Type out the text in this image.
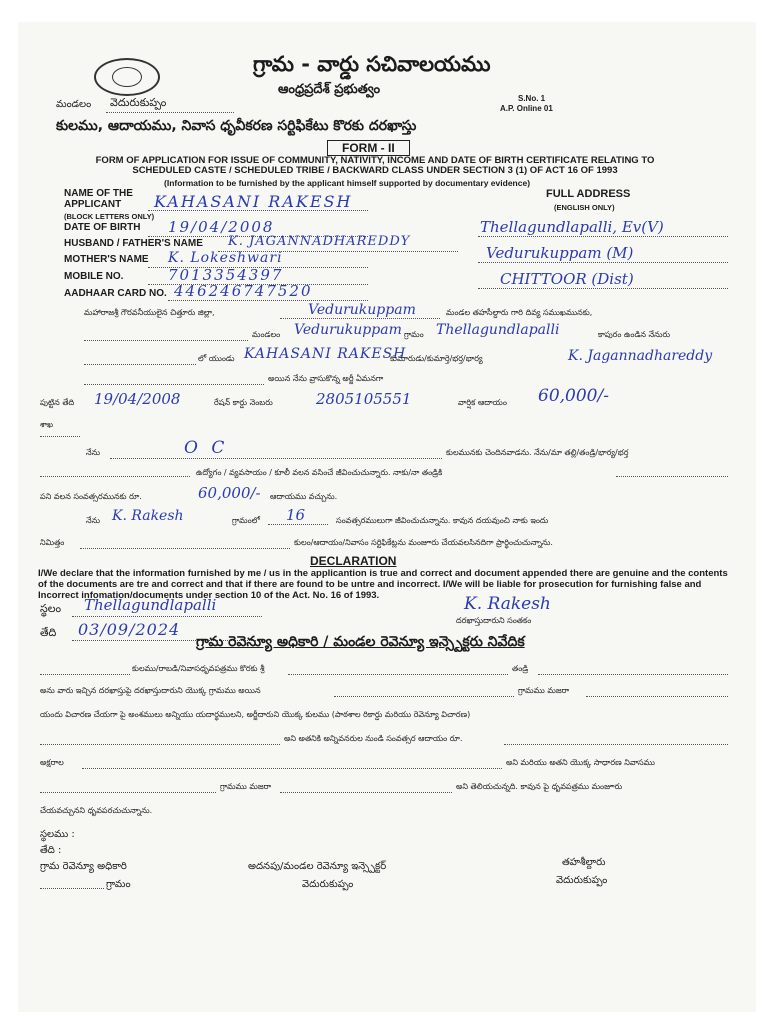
గ్రామ - వార్డు సచివాలయము
ఆంధ్రప్రదేశ్ ప్రభుత్వం
మండలం వెదురుకుప్పం	S.No. 1
A.P. Online 01
కులము, ఆదాయము, నివాస ధృవీకరణ సర్టిఫికేటు కొరకు దరఖాస్తు
FORM - II
FORM OF APPLICATION FOR ISSUE OF COMMUNITY, NATIVITY, INCOME AND DATE OF BIRTH CERTIFICATE RELATING TO SCHEDULED CASTE / SCHEDULED TRIBE / BACKWARD CLASS UNDER SECTION 3 (1) OF ACT 16 OF 1993
(Information to be furnished by the applicant himself supported by documentary evidence)
NAME OF THE APPLICANT
(BLOCK LETTERS ONLY)
KAHASANI RAKESH
DATE OF BIRTH 19/04/2008
HUSBAND / FATHER'S NAME K. JAGANNADHAREDDY
MOTHER'S NAME K. Lokeshwari
MOBILE NO.	7013354397
AADHAAR CARD NO. 446246747520
FULL ADDRESS
(ENGLISH ONLY)
Thellagundlapalli, Ev(V)
Vedurukuppam (M)
CHITTOOR (Dist)
మహారాజశ్రీ గౌరవనీయులైన చిత్తూరు జిల్లా,	Vedurukuppam	మండల తహసీల్దారు గారి దివ్య సముఖమునకు,
మండలం Vedurukuppam గ్రామం Thellagundlapalli	కాపురం ఉండిన నేనురు
లో యుండు KAHASANI RAKESH
కుమారుడు/కుమార్తె/భర్త/భార్య	K. Jagannadhareddy
అయిన నేను వ్రాసుకొన్న అర్జీ ఏమనగా
పుట్టిన తేది 19/04/2008	రేషన్ కార్డు నెంబరు	2805105551	వార్షిక ఆదాయం 60,000/-
శాఖ
నేను	O C	కులమునకు చెందినవాడను. నేను/మా తల్లి/తండ్రి/భార్య/భర్త
ఉద్యోగం / వ్యవసాయం / కూలీ వలన వసించే జీవించుచున్నారు. నాకు/నా తండ్రికి
పని వలన సంవత్సరమునకు రూ.	60,000/- ఆదాయము వచ్చును.
నేను K. Rakesh	గ్రామంలో 16	సంవత్సరములుగా జీవించుచున్నాను. కావున దయవుంచి నాకు ఇందు
నిమిత్తం	కులం/ఆదాయం/నివాసం సర్టిఫికేట్లను మంజూరు చేయవలసినదిగా ప్రార్థించుచున్నాను.
DECLARATION
I/We declare that the information furnished by me / us in the applicantion is true and correct and document appended there are genuine and the contents of the documents are tre and correct and that if there are found to be untre and incorrect. I/We will be liable for prosecution for furnishing false and Incorrect infomation/documents under section 10 of the Act. No. 16 of 1993.
స్థలం Thellagundlapalli	K. Rakesh
దరఖాస్తుదారుని సంతకం
తేది 03/09/2024
గ్రామ రెవెన్యూ అధికారి / మండల రెవెన్యూ ఇన్స్పెక్టరు నివేదిక
కులము/రాబడి/నివాసధృవపత్రము కొరకు శ్రీ	తండ్రి
అను వారు ఇచ్చిన దరఖాస్తుపై దరఖాస్తుదారుని యొక్క గ్రామము అయిన	గ్రామము మజరా
యందు విచారణ చేయగా పై అంశములు అన్నియు యదార్థములని, అర్జీదారుని యొక్క కులము (పాఠశాల రికార్డు మరియు రెవెన్యూ విచారణ)
అని అతనికి అన్నివనరుల నుండి సంవత్సర ఆదాయం రూ.
అక్షరాల	అని మరియు అతని యొక్క సాధారణ నివాసము
గ్రామము మజరా	అని తెలియచున్నది. కావున పై ధృవపత్రము మంజూరు
చేయవచ్చునని ధృవపరచుచున్నాను.
స్థలము :
తేది :
గ్రామ రెవెన్యూ అధికారి
గ్రామం
అదనపు/మండల రెవెన్యూ ఇన్స్పెక్టర్
వెదురుకుప్పం
తహశీల్దారు
వెదురుకుప్పం
